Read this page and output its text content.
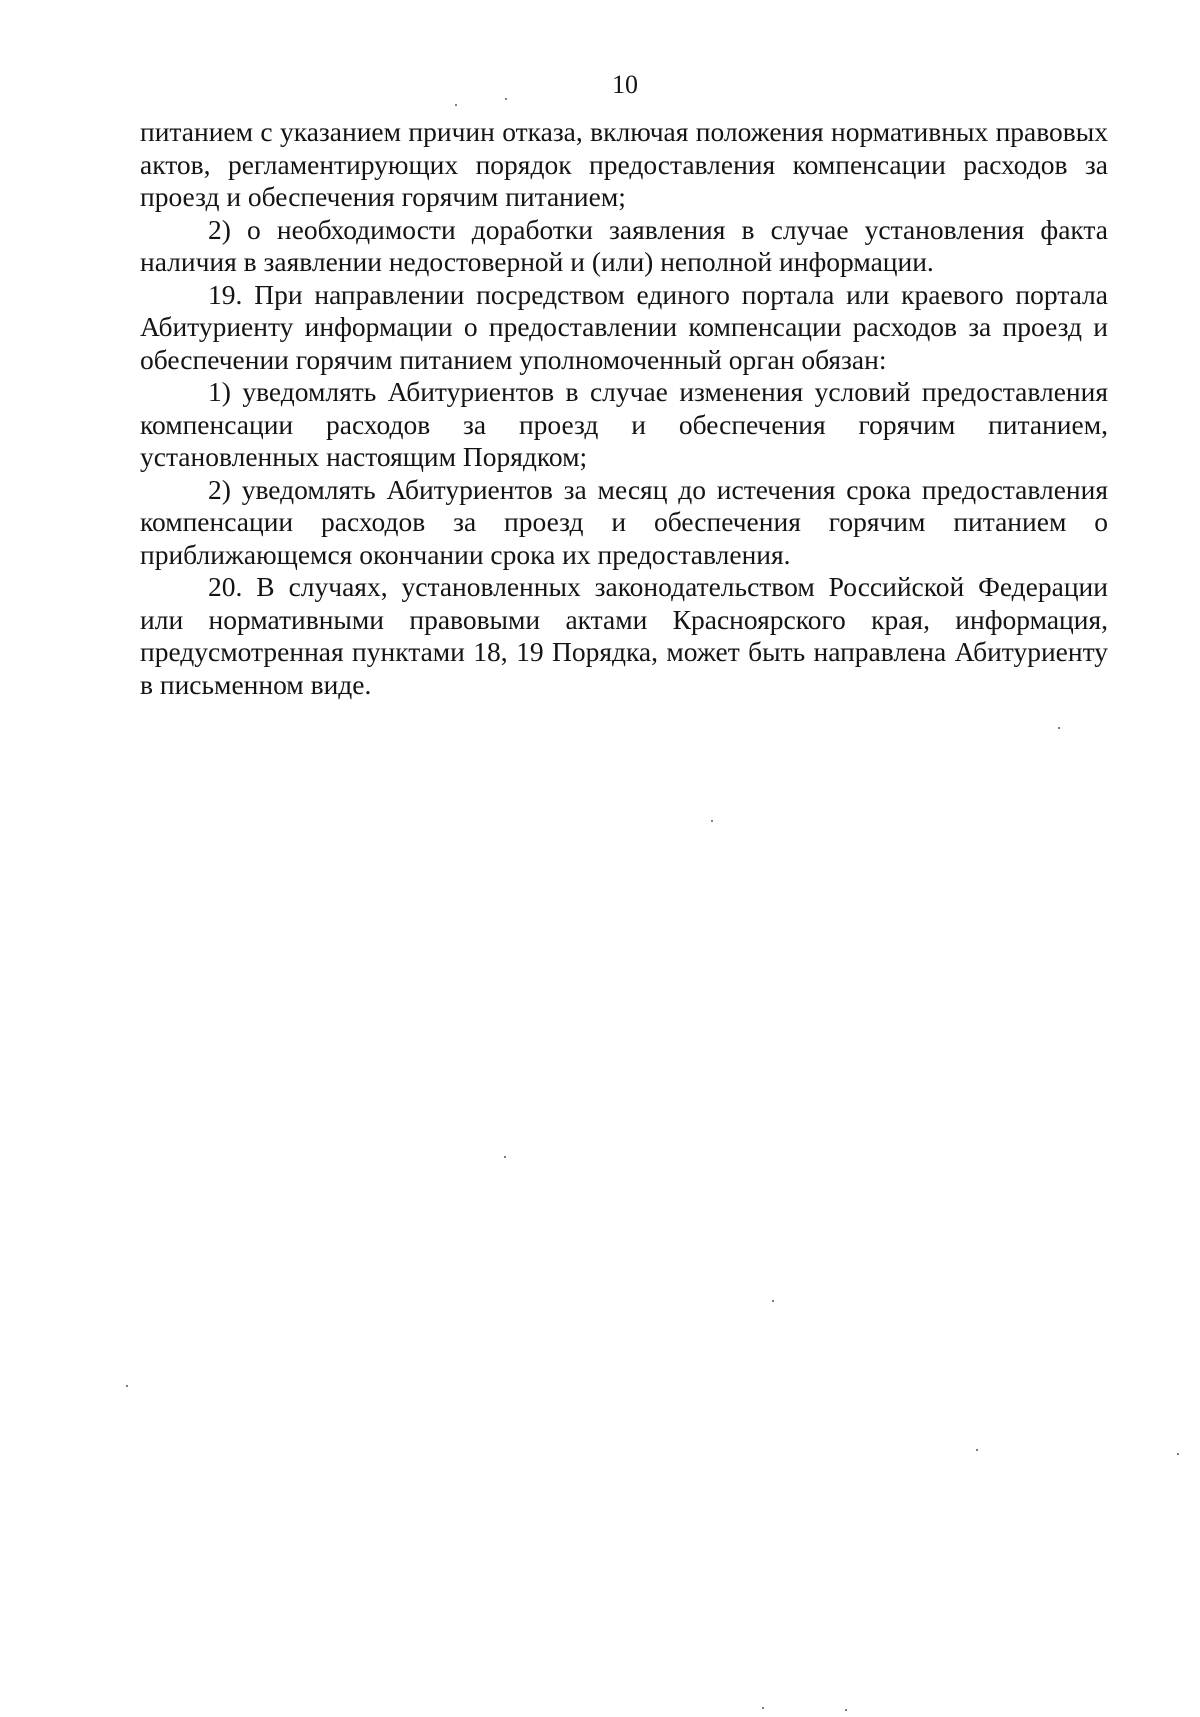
10

питанием с указанием причин отказа, включая положения нормативных правовых актов, регламентирующих порядок предоставления компенсации расходов за проезд и обеспечения горячим питанием;

2) о необходимости доработки заявления в случае установления факта наличия в заявлении недостоверной и (или) неполной информации.

19. При направлении посредством единого портала или краевого портала Абитуриенту информации о предоставлении компенсации расходов за проезд и обеспечении горячим питанием уполномоченный орган обязан:

1) уведомлять Абитуриентов в случае изменения условий предоставления компенсации расходов за проезд и обеспечения горячим питанием, установленных настоящим Порядком;

2) уведомлять Абитуриентов за месяц до истечения срока предоставления компенсации расходов за проезд и обеспечения горячим питанием о приближающемся окончании срока их предоставления.

20. В случаях, установленных законодательством Российской Федерации или нормативными правовыми актами Красноярского края, информация, предусмотренная пунктами 18, 19 Порядка, может быть направлена Абитуриенту в письменном виде.
